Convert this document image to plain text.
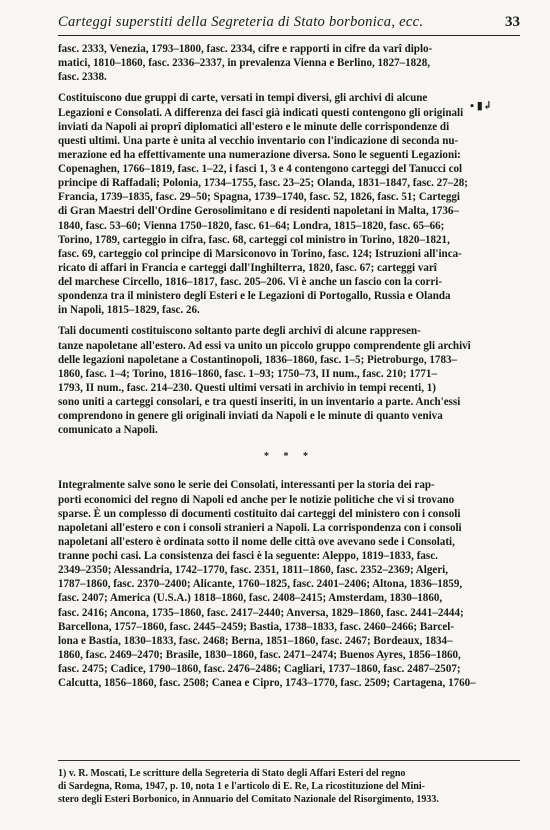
Carteggi superstiti della Segreteria di Stato borbonica, ecc.	33
fasc. 2333, Venezia, 1793–1800, fasc. 2334, cifre e rapporti in cifre da varî diplo-
matici, 1810–1860, fasc. 2336–2337, in prevalenza Vienna e Berlino, 1827–1828,
fasc. 2338.
Costituiscono due gruppi di carte, versati in tempi diversi, gli archivi di alcune
Legazioni e Consolati. A differenza dei fasci già indicati questi contengono gli originali
inviati da Napoli ai proprî diplomatici all'estero e le minute delle corrispondenze di
questi ultimi. Una parte è unita al vecchio inventario con l'indicazione di seconda nu-
merazione ed ha effettivamente una numerazione diversa. Sono le seguenti Legazioni:
Copenaghen, 1766–1819, fasc. 1–22, i fasci 1, 3 e 4 contengono carteggi del Tanucci col
principe di Raffadali; Polonia, 1734–1755, fasc. 23–25; Olanda, 1831–1847, fasc. 27–28;
Francia, 1739–1835, fasc. 29–50; Spagna, 1739–1740, fasc. 52, 1826, fasc. 51; Carteggi
di Gran Maestri dell'Ordine Gerosolimitano e di residenti napoletani in Malta, 1736–
1840, fasc. 53–60; Vienna 1750–1820, fasc. 61–64; Londra, 1815–1820, fasc. 65–66;
Torino, 1789, carteggio in cifra, fasc. 68, carteggi col ministro in Torino, 1820–1821,
fasc. 69, carteggio col principe di Marsiconovo in Torino, fasc. 124; Istruzioni all'inca-
ricato di affari in Francia e carteggi dall'Inghilterra, 1820, fasc. 67; carteggi varî
del marchese Circello, 1816–1817, fasc. 205–206. Vi è anche un fascio con la corri-
spondenza tra il ministero degli Esteri e le Legazioni di Portogallo, Russia e Olanda
in Napoli, 1815–1829, fasc. 26.
Tali documenti costituiscono soltanto parte degli archivî di alcune rappresen-
tanze napoletane all'estero. Ad essi va unito un piccolo gruppo comprendente gli archivî
delle legazioni napoletane a Costantinopoli, 1836–1860, fasc. 1–5; Pietroburgo, 1783–
1860, fasc. 1–4; Torino, 1816–1860, fasc. 1–93; 1750–73, II num., fasc. 210; 1771–
1793, II num., fasc. 214–230. Questi ultimi versati in archivio in tempi recenti, 1)
sono uniti a carteggi consolari, e tra questi inseriti, in un inventario a parte. Anch'essi
comprendono in genere gli originali inviati da Napoli e le minute di quanto veniva
comunicato a Napoli.
* * *
Integralmente salve sono le serie dei Consolati, interessanti per la storia dei rap-
porti economici del regno di Napoli ed anche per le notizie politiche che vi si trovano
sparse. È un complesso di documenti costituito dai carteggi del ministero con i consoli
napoletani all'estero e con i consoli stranieri a Napoli. La corrispondenza con i consoli
napoletani all'estero è ordinata sotto il nome delle città ove avevano sede i Consolati,
tranne pochi casi. La consistenza dei fasci è la seguente: Aleppo, 1819–1833, fasc.
2349–2350; Alessandria, 1742–1770, fasc. 2351, 1811–1860, fasc. 2352–2369; Algeri,
1787–1860, fasc. 2370–2400; Alicante, 1760–1825, fasc. 2401–2406; Altona, 1836–1859,
fasc. 2407; America (U.S.A.) 1818–1860, fasc. 2408–2415; Amsterdam, 1830–1860,
fasc. 2416; Ancona, 1735–1860, fasc. 2417–2440; Anversa, 1829–1860, fasc. 2441–2444;
Barcellona, 1757–1860, fasc. 2445–2459; Bastia, 1738–1833, fasc. 2460–2466; Barcel-
lona e Bastia, 1830–1833, fasc. 2468; Berna, 1851–1860, fasc. 2467; Bordeaux, 1834–
1860, fasc. 2469–2470; Brasile, 1830–1860, fasc. 2471–2474; Buenos Ayres, 1856–1860,
fasc. 2475; Cadice, 1790–1860, fasc. 2476–2486; Cagliari, 1737–1860, fasc. 2487–2507;
Calcutta, 1856–1860, fasc. 2508; Canea e Cipro, 1743–1770, fasc. 2509; Cartagena, 1760–
▪ ▮↲
1) v. R. Moscati, Le scritture della Segreteria di Stato degli Affari Esteri del regno
di Sardegna, Roma, 1947, p. 10, nota 1 e l'articolo di E. Re, La ricostituzione del Mini-
stero degli Esteri Borbonico, in Annuario del Comitato Nazionale del Risorgimento, 1933.
